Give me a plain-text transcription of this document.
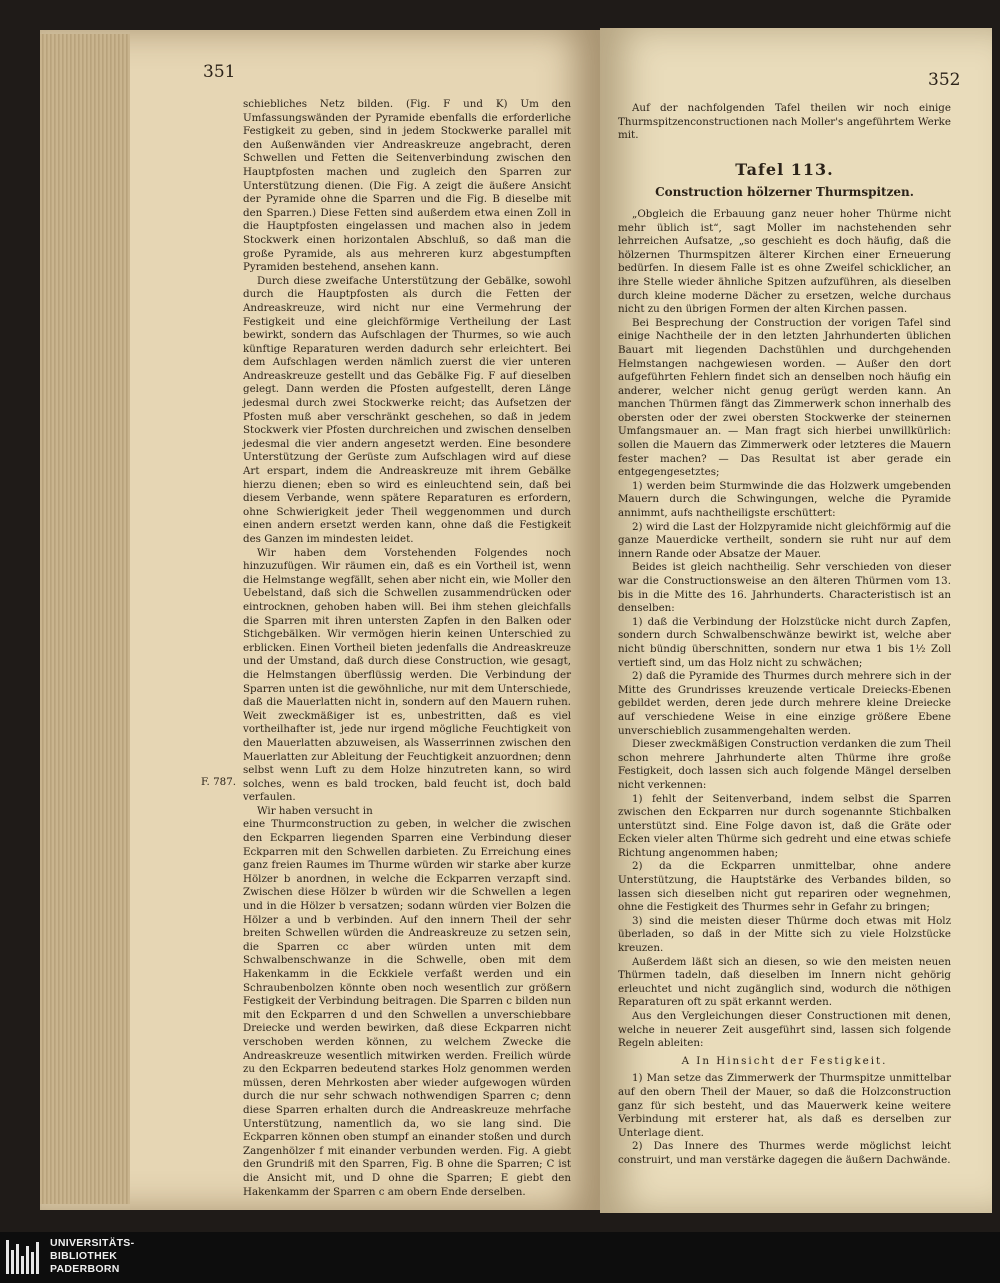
351	352
F. 787.

schiebliches Netz bilden. (Fig. F und K) Um den Umfassungswänden der Pyramide ebenfalls die erforderliche Festigkeit zu geben, sind in jedem Stockwerke parallel mit den Außenwänden vier Andreaskreuze angebracht, deren Schwellen und Fetten die Seitenverbindung zwischen den Hauptpfosten machen und zugleich den Sparren zur Unterstützung dienen. (Die Fig. A zeigt die äußere Ansicht der Pyramide ohne die Sparren und die Fig. B dieselbe mit den Sparren.) Diese Fetten sind außerdem etwa einen Zoll in die Hauptpfosten eingelassen und machen also in jedem Stockwerk einen horizontalen Abschluß, so daß man die große Pyramide, als aus mehreren kurz abgestumpften Pyramiden bestehend, ansehen kann.

Durch diese zweifache Unterstützung der Gebälke, sowohl durch die Hauptpfosten als durch die Fetten der Andreaskreuze, wird nicht nur eine Vermehrung der Festigkeit und eine gleichförmige Vertheilung der Last bewirkt, sondern das Aufschlagen der Thurmes, so wie auch künftige Reparaturen werden dadurch sehr erleichtert. Bei dem Aufschlagen werden nämlich zuerst die vier unteren Andreaskreuze gestellt und das Gebälke Fig. F auf dieselben gelegt. Dann werden die Pfosten aufgestellt, deren Länge jedesmal durch zwei Stockwerke reicht; das Aufsetzen der Pfosten muß aber verschränkt geschehen, so daß in jedem Stockwerk vier Pfosten durchreichen und zwischen denselben jedesmal die vier andern angesetzt werden. Eine besondere Unterstützung der Gerüste zum Aufschlagen wird auf diese Art erspart, indem die Andreaskreuze mit ihrem Gebälke hierzu dienen; eben so wird es einleuchtend sein, daß bei diesem Verbande, wenn spätere Reparaturen es erfordern, ohne Schwierigkeit jeder Theil weggenommen und durch einen andern ersetzt werden kann, ohne daß die Festigkeit des Ganzen im mindesten leidet.

Wir haben dem Vorstehenden Folgendes noch hinzuzufügen. Wir räumen ein, daß es ein Vortheil ist, wenn die Helmstange wegfällt, sehen aber nicht ein, wie Moller den Uebelstand, daß sich die Schwellen zusammendrücken oder eintrocknen, gehoben haben will. Bei ihm stehen gleichfalls die Sparren mit ihren untersten Zapfen in den Balken oder Stichgebälken. Wir vermögen hierin keinen Unterschied zu erblicken. Einen Vortheil bieten jedenfalls die Andreaskreuze und der Umstand, daß durch diese Construction, wie gesagt, die Helmstangen überflüssig werden. Die Verbindung der Sparren unten ist die gewöhnliche, nur mit dem Unterschiede, daß die Mauerlatten nicht in, sondern auf den Mauern ruhen. Weit zweckmäßiger ist es, unbestritten, daß es viel vortheilhafter ist, jede nur irgend mögliche Feuchtigkeit von den Mauerlatten abzuweisen, als Wasserrinnen zwischen den Mauerlatten zur Ableitung der Feuchtigkeit anzuordnen; denn selbst wenn Luft zu dem Holze hinzutreten kann, so wird solches, wenn es bald trocken, bald feucht ist, doch bald verfaulen.

Wir haben versucht in

eine Thurmconstruction zu geben, in welcher die zwischen den Eckparren liegenden Sparren eine Verbindung dieser Eckparren mit den Schwellen darbieten. Zu Erreichung eines ganz freien Raumes im Thurme würden wir starke aber kurze Hölzer b anordnen, in welche die Eckparren verzapft sind. Zwischen diese Hölzer b würden wir die Schwellen a legen und in die Hölzer b versatzen; sodann würden vier Bolzen die Hölzer a und b verbinden. Auf den innern Theil der sehr breiten Schwellen würden die Andreaskreuze zu setzen sein, die Sparren cc aber würden unten mit dem Schwalbenschwanze in die Schwelle, oben mit dem Hakenkamm in die Eckkiele verfaßt werden und ein Schraubenbolzen könnte oben noch wesentlich zur größern Festigkeit der Verbindung beitragen. Die Sparren c bilden nun mit den Eckparren d und den Schwellen a unverschiebbare Dreiecke und werden bewirken, daß diese Eckparren nicht verschoben werden können, zu welchem Zwecke die Andreaskreuze wesentlich mitwirken werden. Freilich würde zu den Eckparren bedeutend starkes Holz genommen werden müssen, deren Mehrkosten aber wieder aufgewogen würden durch die nur sehr schwach nothwendigen Sparren c; denn diese Sparren erhalten durch die Andreaskreuze mehrfache Unterstützung, namentlich da, wo sie lang sind. Die Eckparren können oben stumpf an einander stoßen und durch Zangenhölzer f mit einander verbunden werden. Fig. A giebt den Grundriß mit den Sparren, Fig. B ohne die Sparren; C ist die Ansicht mit, und D ohne die Sparren; E giebt den Hakenkamm der Sparren c am obern Ende derselben.

Auf der nachfolgenden Tafel theilen wir noch einige Thurmspitzenconstructionen nach Moller's angeführtem Werke mit.

Tafel 113.
Construction hölzerner Thurmspitzen.

„Obgleich die Erbauung ganz neuer hoher Thürme nicht mehr üblich ist“, sagt Moller im nachstehenden sehr lehrreichen Aufsatze, „so geschieht es doch häufig, daß die hölzernen Thurmspitzen älterer Kirchen einer Erneuerung bedürfen. In diesem Falle ist es ohne Zweifel schicklicher, an ihre Stelle wieder ähnliche Spitzen aufzuführen, als dieselben durch kleine moderne Dächer zu ersetzen, welche durchaus nicht zu den übrigen Formen der alten Kirchen passen.

Bei Besprechung der Construction der vorigen Tafel sind einige Nachtheile der in den letzten Jahrhunderten üblichen Bauart mit liegenden Dachstühlen und durchgehenden Helmstangen nachgewiesen worden. — Außer den dort aufgeführten Fehlern findet sich an denselben noch häufig ein anderer, welcher nicht genug gerügt werden kann. An manchen Thürmen fängt das Zimmerwerk schon innerhalb des obersten oder der zwei obersten Stockwerke der steinernen Umfangsmauer an. — Man fragt sich hierbei unwillkürlich: sollen die Mauern das Zimmerwerk oder letzteres die Mauern fester machen? — Das Resultat ist aber gerade ein entgegengesetztes;

1) werden beim Sturmwinde die das Holzwerk umgebenden Mauern durch die Schwingungen, welche die Pyramide annimmt, aufs nachtheiligste erschüttert:

2) wird die Last der Holzpyramide nicht gleichförmig auf die ganze Mauerdicke vertheilt, sondern sie ruht nur auf dem innern Rande oder Absatze der Mauer.

Beides ist gleich nachtheilig. Sehr verschieden von dieser war die Constructionsweise an den älteren Thürmen vom 13. bis in die Mitte des 16. Jahrhunderts. Characteristisch ist an denselben:

1) daß die Verbindung der Holzstücke nicht durch Zapfen, sondern durch Schwalbenschwänze bewirkt ist, welche aber nicht bündig überschnitten, sondern nur etwa 1 bis 1½ Zoll vertieft sind, um das Holz nicht zu schwächen;

2) daß die Pyramide des Thurmes durch mehrere sich in der Mitte des Grundrisses kreuzende verticale Dreiecks-Ebenen gebildet werden, deren jede durch mehrere kleine Dreiecke auf verschiedene Weise in eine einzige größere Ebene unverschieblich zusammengehalten werden.

Dieser zweckmäßigen Construction verdanken die zum Theil schon mehrere Jahrhunderte alten Thürme ihre große Festigkeit, doch lassen sich auch folgende Mängel derselben nicht verkennen:

1) fehlt der Seitenverband, indem selbst die Sparren zwischen den Eckparren nur durch sogenannte Stichbalken unterstützt sind. Eine Folge davon ist, daß die Gräte oder Ecken vieler alten Thürme sich gedreht und eine etwas schiefe Richtung angenommen haben;

2) da die Eckparren unmittelbar, ohne andere Unterstützung, die Hauptstärke des Verbandes bilden, so lassen sich dieselben nicht gut repariren oder wegnehmen, ohne die Festigkeit des Thurmes sehr in Gefahr zu bringen;

3) sind die meisten dieser Thürme doch etwas mit Holz überladen, so daß in der Mitte sich zu viele Holzstücke kreuzen.

Außerdem läßt sich an diesen, so wie den meisten neuen Thürmen tadeln, daß dieselben im Innern nicht gehörig erleuchtet und nicht zugänglich sind, wodurch die nöthigen Reparaturen oft zu spät erkannt werden.

Aus den Vergleichungen dieser Constructionen mit denen, welche in neuerer Zeit ausgeführt sind, lassen sich folgende Regeln ableiten:

A In Hinsicht der Festigkeit.

1) Man setze das Zimmerwerk der Thurmspitze unmittelbar auf den obern Theil der Mauer, so daß die Holzconstruction ganz für sich besteht, und das Mauerwerk keine weitere Verbindung mit ersterer hat, als daß es derselben zur Unterlage dient.

2) Das Innere des Thurmes werde möglichst leicht construirt, und man verstärke dagegen die äußern Dachwände.

UNIVERSITÄTS-
BIBLIOTHEK
PADERBORN
